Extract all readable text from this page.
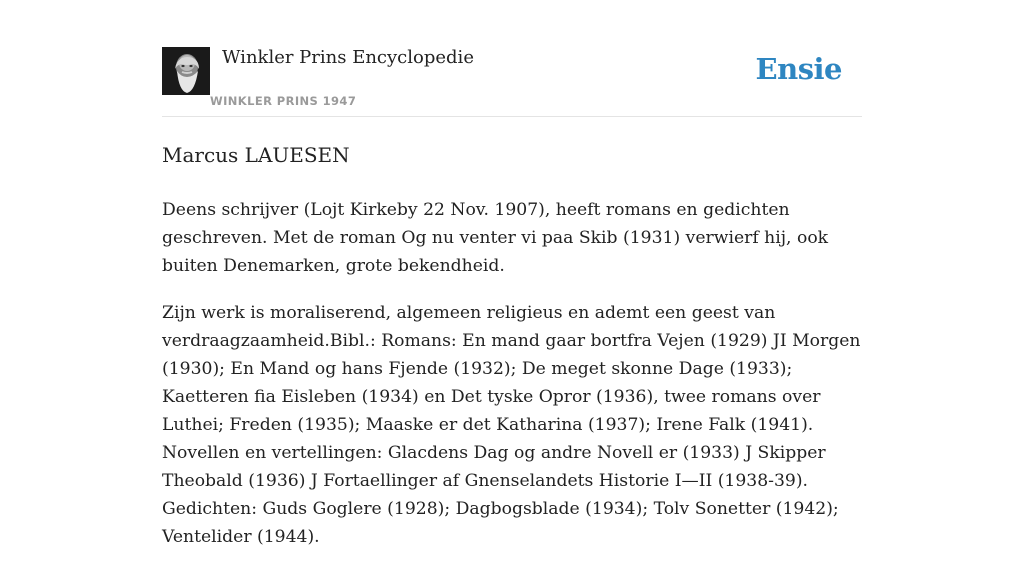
Winkler Prins Encyclopedie
WINKLER PRINS 1947
Ensie
Marcus LAUESEN

Deens schrijver (Lojt Kirkeby 22 Nov. 1907), heeft romans en gedichten geschreven. Met de roman Og nu venter vi paa Skib (1931) verwierf hij, ook buiten Denemarken, grote bekendheid.

Zijn werk is moraliserend, algemeen religieus en ademt een geest van verdraagzaamheid.Bibl.: Romans: En mand gaar bortfra Vejen (1929) JI Morgen (1930); En Mand og hans Fjende (1932); De meget skonne Dage (1933); Kaetteren fia Eisleben (1934) en Det tyske Opror (1936), twee romans over Luthei; Freden (1935); Maaske er det Katharina (1937); Irene Falk (1941). Novellen en vertellingen: Glacdens Dag og andre Novell er (1933) J Skipper Theobald (1936) J Fortaellinger af Gnenselandets Historie I—II (1938-39). Gedichten: Guds Goglere (1928); Dagbogsblade (1934); Tolv Sonetter (1942); Ventelider (1944).
